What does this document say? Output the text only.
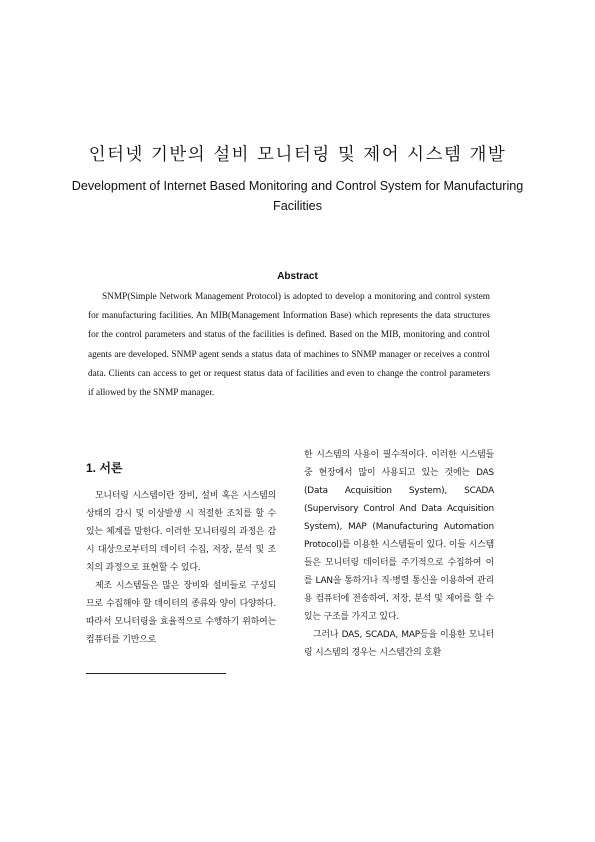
인터넷 기반의 설비 모니터링 및 제어 시스템 개발
Development of Internet Based Monitoring and Control System for Manufacturing Facilities
Abstract

SNMP(Simple Network Management Protocol) is adopted to develop a monitoring and control system for manufacturing facilities. An MIB(Management Information Base) which represents the data structures for the control parameters and status of the facilities is defined. Based on the MIB, monitoring and control agents are developed. SNMP agent sends a status data of machines to SNMP manager or receives a control data. Clients can access to get or request status data of facilities and even to change the control parameters if allowed by the SNMP manager.

1. 서론

모니터링 시스템이란 장비, 설비 혹은 시스템의 상태의 감시 및 이상발생 시 적절한 조치를 할 수 있는 체계를 말한다. 이러한 모니터링의 과정은 감시 대상으로부터의 데이터 수집, 저장, 분석 및 조치의 과정으로 표현할 수 있다.

제조 시스템들은 많은 장비와 설비들로 구성되므로 수집해야 할 데이터의 종류와 양이 다양하다. 따라서 모니터링을 효율적으로 수행하기 위하여는 컴퓨터를 기반으로

한 시스템의 사용이 필수적이다. 이러한 시스템들 중 현장에서 많이 사용되고 있는 것에는 DAS (Data Acquisition System), SCADA (Supervisory Control And Data Acquisition System), MAP (Manufacturing Automation Protocol)를 이용한 시스템들이 있다. 이들 시스템들은 모니터링 데이터를 주기적으로 수집하여 이를 LAN을 통하거나 직·병렬 통신을 이용하여 관리용 컴퓨터에 전송하여, 저장, 분석 및 제어를 할 수 있는 구조를 가지고 있다.

그러나 DAS, SCADA, MAP등을 이용한 모니터링 시스템의 경우는 시스템간의 호환
